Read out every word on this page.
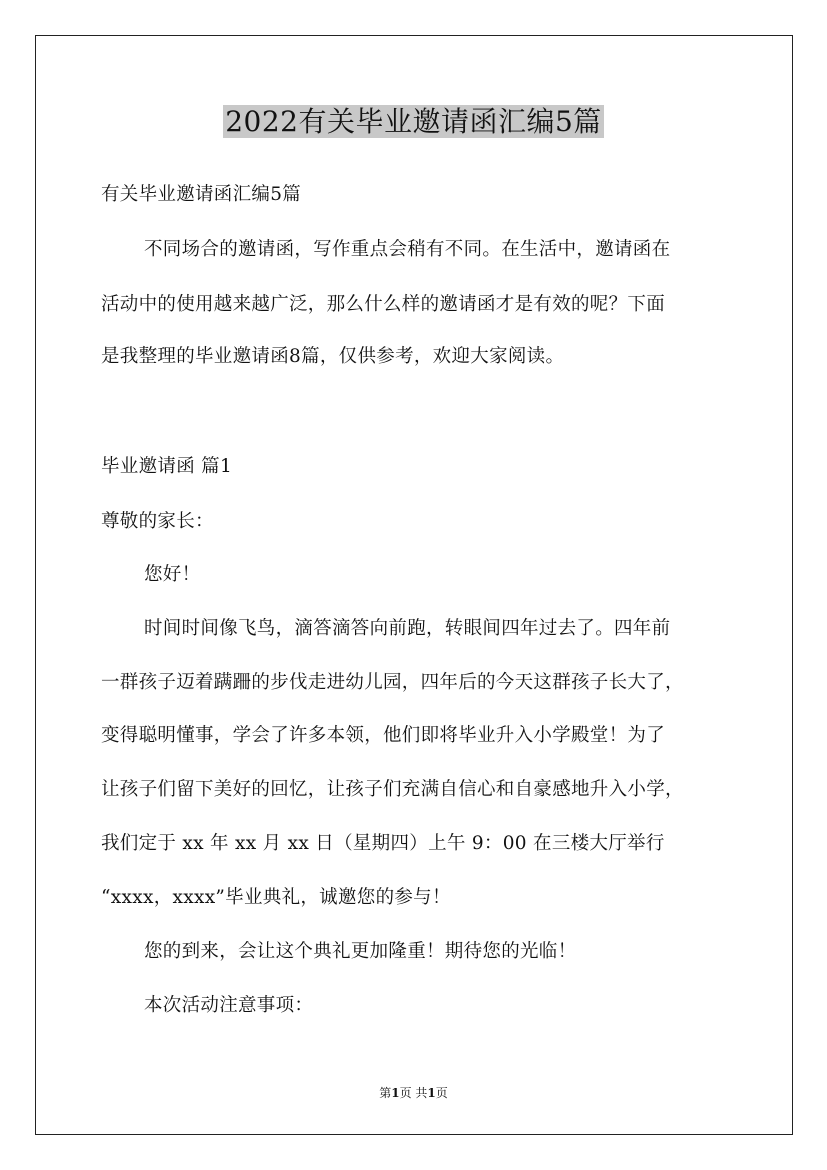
2022有关毕业邀请函汇编5篇
有关毕业邀请函汇编5篇
不同场合的邀请函，写作重点会稍有不同。在生活中，邀请函在
活动中的使用越来越广泛，那么什么样的邀请函才是有效的呢？下面
是我整理的毕业邀请函8篇，仅供参考，欢迎大家阅读。
毕业邀请函 篇1
尊敬的家长：
您好！
时间时间像飞鸟，滴答滴答向前跑，转眼间四年过去了。四年前
一群孩子迈着蹒跚的步伐走进幼儿园，四年后的今天这群孩子长大了，
变得聪明懂事，学会了许多本领，他们即将毕业升入小学殿堂！为了
让孩子们留下美好的回忆，让孩子们充满自信心和自豪感地升入小学，
我们定于 xx 年 xx 月 xx 日（星期四）上午 9：00 在三楼大厅举行
“xxxx，xxxx”毕业典礼，诚邀您的参与！
您的到来，会让这个典礼更加隆重！期待您的光临！
本次活动注意事项：
第1页 共1页
